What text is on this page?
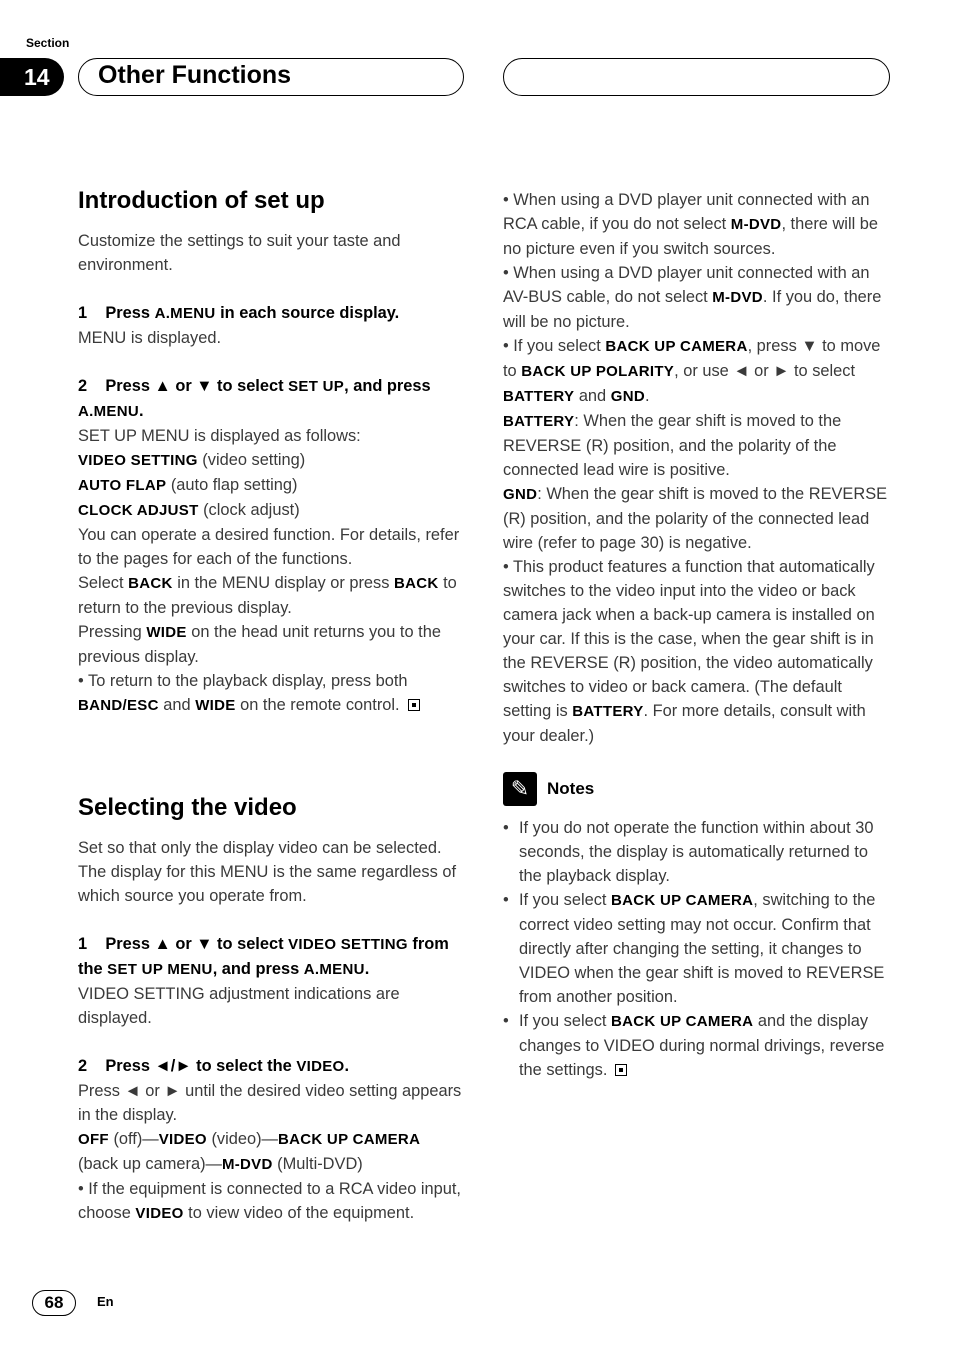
Section
14	Other Functions
Introduction of set up

Customize the settings to suit your taste and environment.

1 Press A.MENU in each source display.

MENU is displayed.

2 Press ▲ or ▼ to select SET UP, and press A.MENU.

SET UP MENU is displayed as follows:

VIDEO SETTING (video setting)

AUTO FLAP (auto flap setting)

CLOCK ADJUST (clock adjust)

You can operate a desired function. For details, refer to the pages for each of the functions.

Select BACK in the MENU display or press BACK to return to the previous display.

Pressing WIDE on the head unit returns you to the previous display.

• To return to the playback display, press both BAND/ESC and WIDE on the remote control.

Selecting the video

Set so that only the display video can be selected. The display for this MENU is the same regardless of which source you operate from.

1 Press ▲ or ▼ to select VIDEO SETTING from the SET UP MENU, and press A.MENU.

VIDEO SETTING adjustment indications are displayed.

2 Press ◄/► to select the VIDEO.

Press ◄ or ► until the desired video setting appears in the display.

OFF (off)—VIDEO (video)—BACK UP CAMERA (back up camera)—M-DVD (Multi-DVD)

• If the equipment is connected to a RCA video input, choose VIDEO to view video of the equipment.

• When using a DVD player unit connected with an RCA cable, if you do not select M-DVD, there will be no picture even if you switch sources.

• When using a DVD player unit connected with an AV-BUS cable, do not select M-DVD. If you do, there will be no picture.

• If you select BACK UP CAMERA, press ▼ to move to BACK UP POLARITY, or use ◄ or ► to select BATTERY and GND.

BATTERY: When the gear shift is moved to the REVERSE (R) position, and the polarity of the connected lead wire is positive.

GND: When the gear shift is moved to the REVERSE (R) position, and the polarity of the connected lead wire (refer to page 30) is negative.

• This product features a function that automatically switches to the video input into the video or back camera jack when a back-up camera is installed on your car. If this is the case, when the gear shift is in the REVERSE (R) position, the video automatically switches to video or back camera. (The default setting is BATTERY. For more details, consult with your dealer.)

✎	Notes
• If you do not operate the function within about 30 seconds, the display is automatically returned to the playback display.
• If you select BACK UP CAMERA, switching to the correct video setting may not occur. Confirm that directly after changing the setting, it changes to VIDEO when the gear shift is moved to REVERSE from another position.
• If you select BACK UP CAMERA and the display changes to VIDEO during normal drivings, reverse the settings.
68	En
